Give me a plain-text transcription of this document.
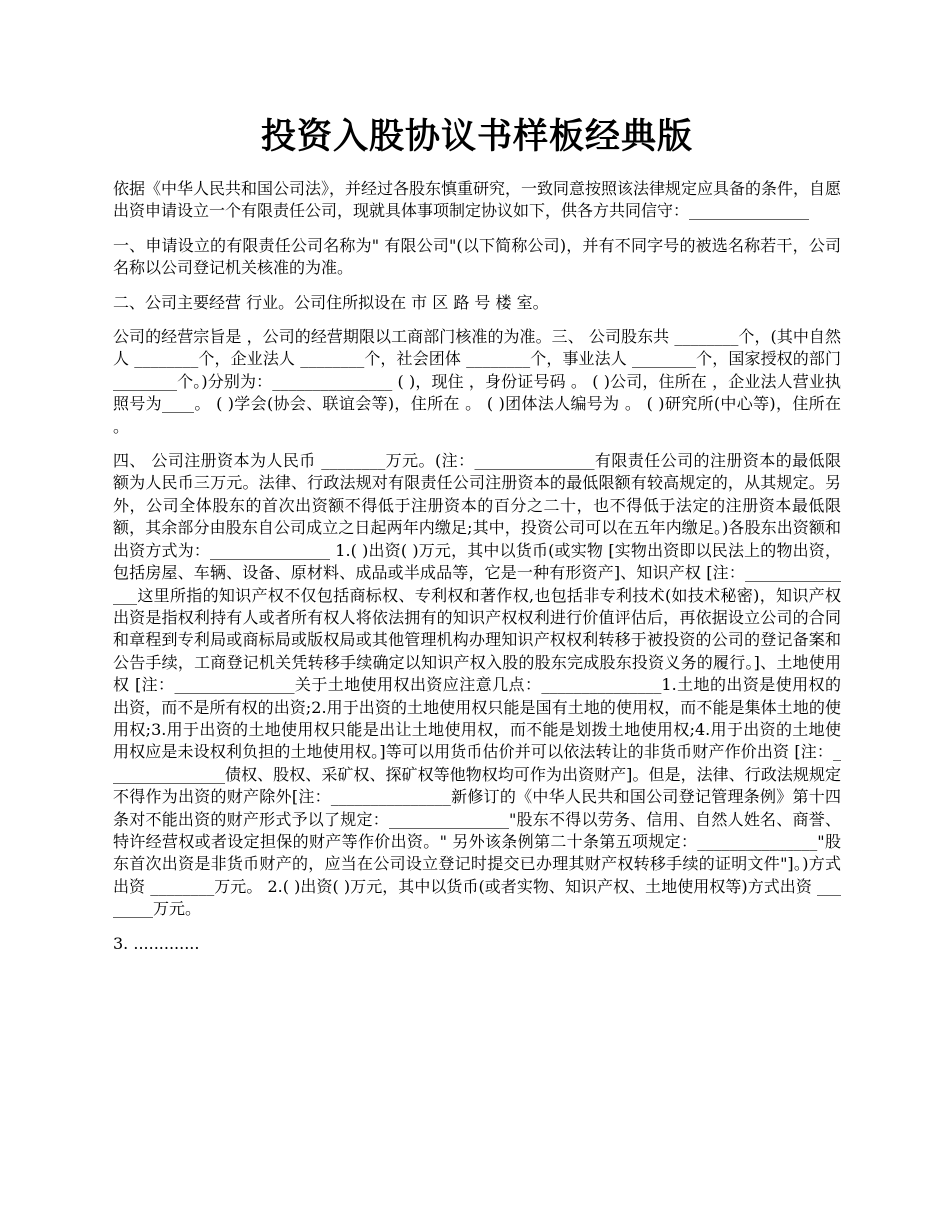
投资入股协议书样板经典版

依据《中华人民共和国公司法》，并经过各股东慎重研究，一致同意按照该法律规定应具备的条件，自愿出资申请设立一个有限责任公司，现就具体事项制定协议如下，供各方共同信守：_______________

一、申请设立的有限责任公司名称为" 有限公司"(以下简称公司)，并有不同字号的被选名称若干，公司名称以公司登记机关核准的为准。

二、公司主要经营 行业。公司住所拟设在 市 区 路 号 楼 室。

公司的经营宗旨是 ，公司的经营期限以工商部门核准的为准。三、 公司股东共 ________个，(其中自然人 ________个，企业法人 ________个，社会团体 ________个，事业法人 ________个，国家授权的部门 ________个。)分别为：_______________ ( )，现住 ，身份证号码 。 ( )公司，住所在 ，企业法人营业执照号为____。 ( )学会(协会、联谊会等)，住所在 。 ( )团体法人编号为 。 ( )研究所(中心等)，住所在 。

四、 公司注册资本为人民币 ________万元。(注：_______________有限责任公司的注册资本的最低限额为人民币三万元。法律、行政法规对有限责任公司注册资本的最低限额有较高规定的，从其规定。另外，公司全体股东的首次出资额不得低于注册资本的百分之二十，也不得低于法定的注册资本最低限额，其余部分由股东自公司成立之日起两年内缴足;其中，投资公司可以在五年内缴足。)各股东出资额和出资方式为：_______________ 1.( )出资( )万元，其中以货币(或实物 [实物出资即以民法上的物出资，包括房屋、车辆、设备、原材料、成品或半成品等，它是一种有形资产]、知识产权 [注：_______________这里所指的知识产权不仅包括商标权、专利权和著作权,也包括非专利技术(如技术秘密)，知识产权出资是指权利持有人或者所有权人将依法拥有的知识产权权利进行价值评估后，再依据设立公司的合同和章程到专利局或商标局或版权局或其他管理机构办理知识产权权利转移于被投资的公司的登记备案和公告手续，工商登记机关凭转移手续确定以知识产权入股的股东完成股东投资义务的履行。]、土地使用权 [注：_______________关于土地使用权出资应注意几点：_______________1.土地的出资是使用权的出资，而不是所有权的出资;2.用于出资的土地使用权只能是国有土地的使用权，而不能是集体土地的使用权;3.用于出资的土地使用权只能是出让土地使用权，而不能是划拨土地使用权;4.用于出资的土地使用权应是未设权利负担的土地使用权。]等可以用货币估价并可以依法转让的非货币财产作价出资 [注：_______________债权、股权、采矿权、探矿权等他物权均可作为出资财产]。但是，法律、行政法规规定不得作为出资的财产除外[注：_______________新修订的《中华人民共和国公司登记管理条例》第十四条对不能出资的财产形式予以了规定：_______________"股东不得以劳务、信用、自然人姓名、商誉、特许经营权或者设定担保的财产等作价出资。" 另外该条例第二十条第五项规定：_______________"股东首次出资是非货币财产的，应当在公司设立登记时提交已办理其财产权转移手续的证明文件"]。)方式出资 ________万元。 2.( )出资( )万元，其中以货币(或者实物、知识产权、土地使用权等)方式出资 ________万元。

3. .............
